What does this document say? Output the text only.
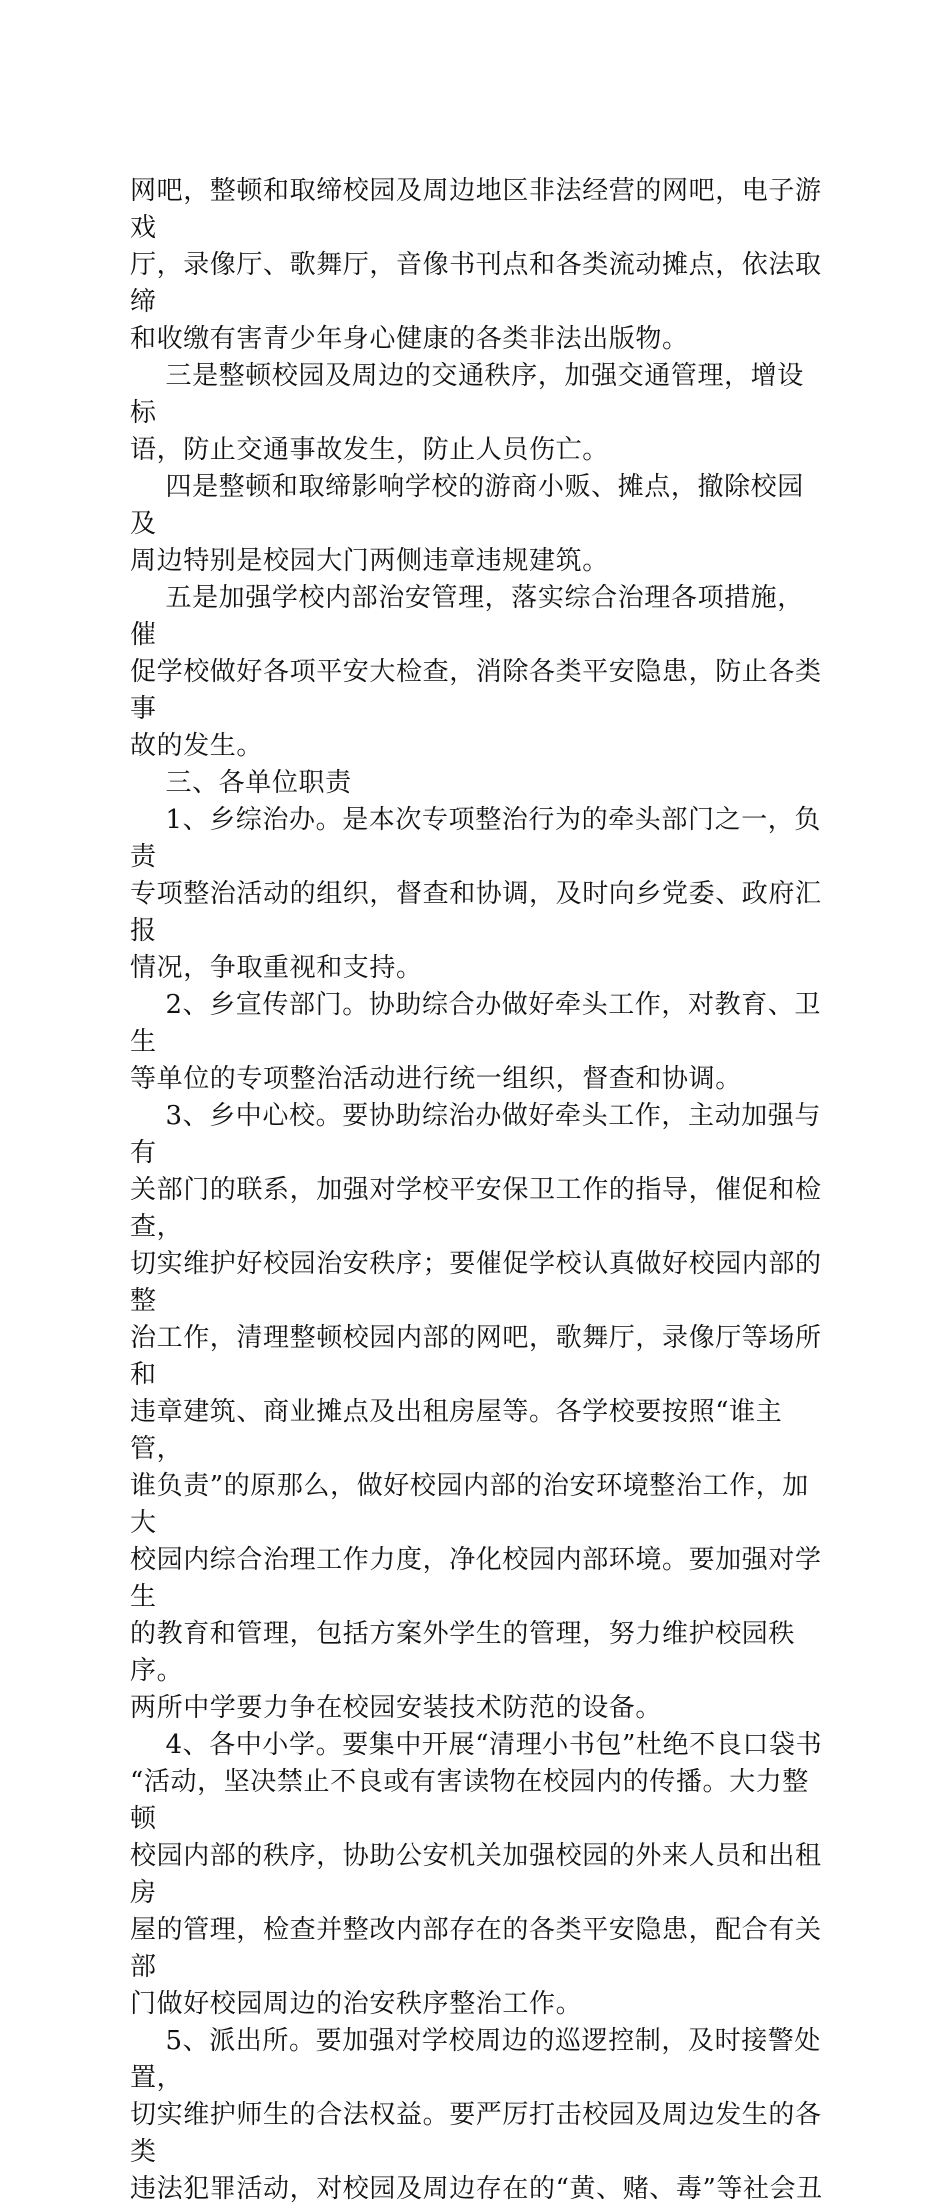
网吧，整顿和取缔校园及周边地区非法经营的网吧，电子游戏

厅，录像厅、歌舞厅，音像书刊点和各类流动摊点，依法取缔

和收缴有害青少年身心健康的各类非法出版物。

三是整顿校园及周边的交通秩序，加强交通管理，增设标

语，防止交通事故发生，防止人员伤亡。

四是整顿和取缔影响学校的游商小贩、摊点，撤除校园及

周边特别是校园大门两侧违章违规建筑。

五是加强学校内部治安管理，落实综合治理各项措施，催

促学校做好各项平安大检查，消除各类平安隐患，防止各类事

故的发生。

三、各单位职责

1、乡综治办。是本次专项整治行为的牵头部门之一，负责

专项整治活动的组织，督查和协调，及时向乡党委、政府汇报

情况，争取重视和支持。

2、乡宣传部门。协助综合办做好牵头工作，对教育、卫生

等单位的专项整治活动进行统一组织，督查和协调。

3、乡中心校。要协助综治办做好牵头工作，主动加强与有

关部门的联系，加强对学校平安保卫工作的指导，催促和检查，

切实维护好校园治安秩序；要催促学校认真做好校园内部的整

治工作，清理整顿校园内部的网吧，歌舞厅，录像厅等场所和

违章建筑、商业摊点及出租房屋等。各学校要按照“谁主管，

谁负责”的原那么，做好校园内部的治安环境整治工作，加大

校园内综合治理工作力度，净化校园内部环境。要加强对学生

的教育和管理，包括方案外学生的管理，努力维护校园秩序。

两所中学要力争在校园安装技术防范的设备。

4、各中小学。要集中开展“清理小书包”杜绝不良口袋书

“活动，坚决禁止不良或有害读物在校园内的传播。大力整顿

校园内部的秩序，协助公安机关加强校园的外来人员和出租房

屋的管理，检查并整改内部存在的各类平安隐患，配合有关部

门做好校园周边的治安秩序整治工作。

5、派出所。要加强对学校周边的巡逻控制，及时接警处置，

切实维护师生的合法权益。要严厉打击校园及周边发生的各类

违法犯罪活动，对校园及周边存在的“黄、赌、毒”等社会丑
